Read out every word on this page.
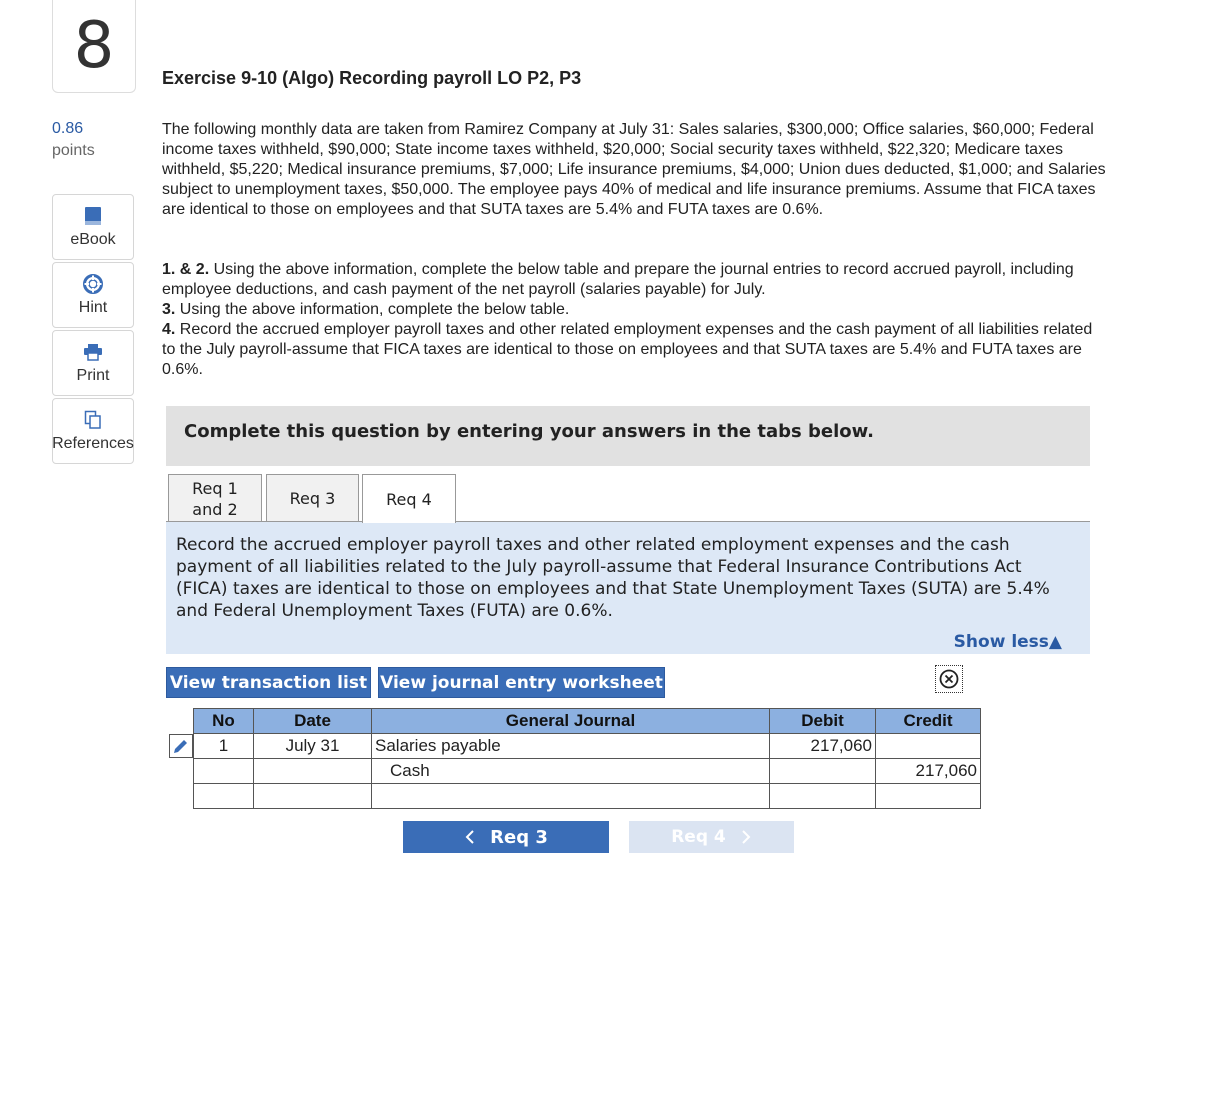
8
0.86
points
eBook
Hint
Print
References
Exercise 9-10 (Algo) Recording payroll LO P2, P3
The following monthly data are taken from Ramirez Company at July 31: Sales salaries, $300,000; Office salaries, $60,000; Federal income taxes withheld, $90,000; State income taxes withheld, $20,000; Social security taxes withheld, $22,320; Medicare taxes withheld, $5,220; Medical insurance premiums, $7,000; Life insurance premiums, $4,000; Union dues deducted, $1,000; and Salaries subject to unemployment taxes, $50,000. The employee pays 40% of medical and life insurance premiums. Assume that FICA taxes are identical to those on employees and that SUTA taxes are 5.4% and FUTA taxes are 0.6%.
1. & 2. Using the above information, complete the below table and prepare the journal entries to record accrued payroll, including employee deductions, and cash payment of the net payroll (salaries payable) for July.
3. Using the above information, complete the below table.
4. Record the accrued employer payroll taxes and other related employment expenses and the cash payment of all liabilities related to the July payroll-assume that FICA taxes are identical to those on employees and that SUTA taxes are 5.4% and FUTA taxes are 0.6%.
Complete this question by entering your answers in the tabs below.
Req 1
and 2
Req 3	Req 4
Record the accrued employer payroll taxes and other related employment expenses and the cash payment of all liabilities related to the July payroll-assume that Federal Insurance Contributions Act (FICA) taxes are identical to those on employees and that State Unemployment Taxes (SUTA) are 5.4% and Federal Unemployment Taxes (FUTA) are 0.6%.
Show less▲
View transaction list View journal entry worksheet
No	Date	General Journal	Debit	Credit
1	July 31	Salaries payable	217,060	
		Cash		217,060

Req 3	Req 4
